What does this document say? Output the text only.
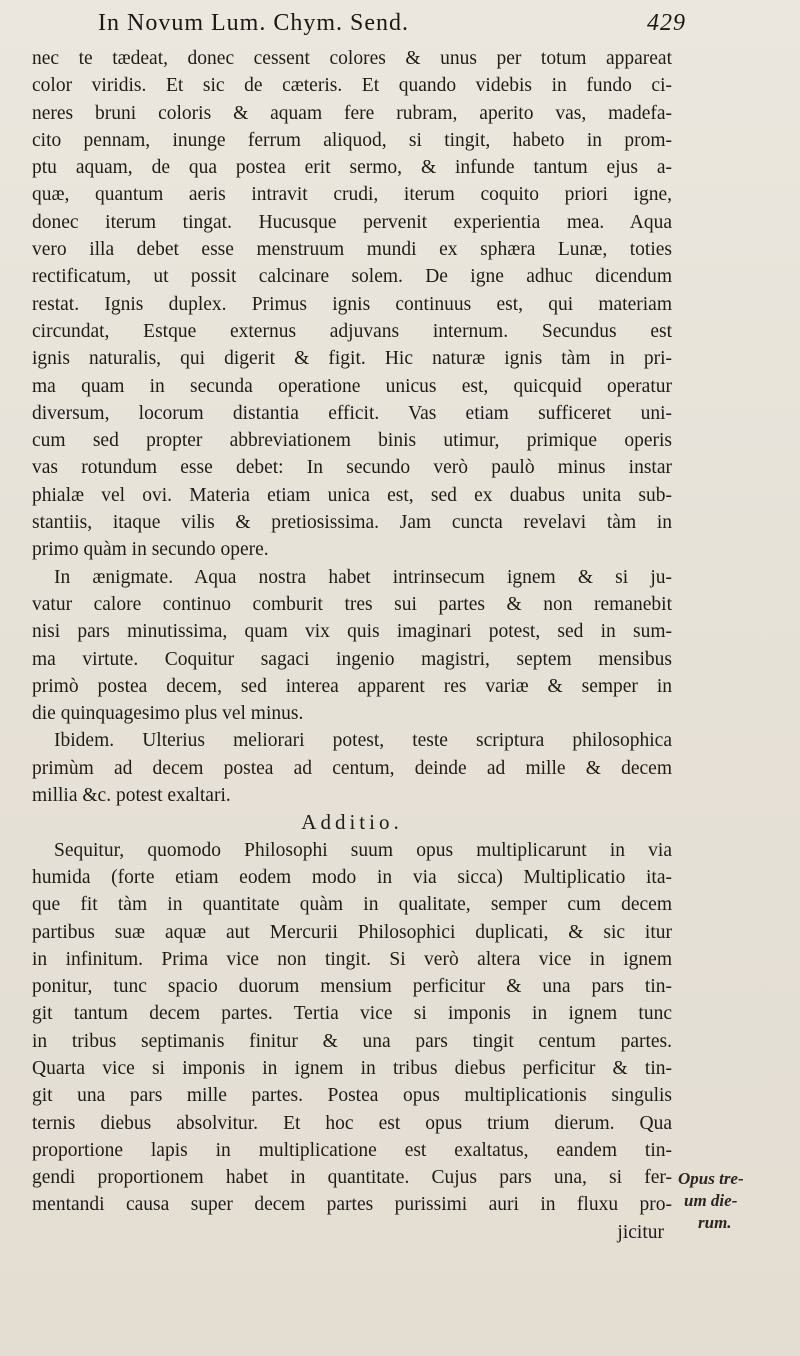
In Novum Lum. Chym. Send.	429
nec te tædeat, donec cessent colores & unus per totum appareat
color viridis. Et sic de cæteris. Et quando videbis in fundo ci-
neres bruni coloris & aquam fere rubram, aperito vas, madefa-
cito pennam, inunge ferrum aliquod, si tingit, habeto in prom-
ptu aquam, de qua postea erit sermo, & infunde tantum ejus a-
quæ, quantum aeris intravit crudi, iterum coquito priori igne,
donec iterum tingat. Hucusque pervenit experientia mea. Aqua
vero illa debet esse menstruum mundi ex sphæra Lunæ, toties
rectificatum, ut possit calcinare solem. De igne adhuc dicendum
restat. Ignis duplex. Primus ignis continuus est, qui materiam
circundat, Estque externus adjuvans internum. Secundus est
ignis naturalis, qui digerit & figit. Hic naturæ ignis tàm in pri-
ma quam in secunda operatione unicus est, quicquid operatur
diversum, locorum distantia efficit. Vas etiam sufficeret uni-
cum sed propter abbreviationem binis utimur, primique operis
vas rotundum esse debet: In secundo verò paulò minus instar
phialæ vel ovi. Materia etiam unica est, sed ex duabus unita sub-
stantiis, itaque vilis & pretiosissima. Jam cuncta revelavi tàm in
primo quàm in secundo opere.
In ænigmate. Aqua nostra habet intrinsecum ignem & si ju-
vatur calore continuo comburit tres sui partes & non remanebit
nisi pars minutissima, quam vix quis imaginari potest, sed in sum-
ma virtute. Coquitur sagaci ingenio magistri, septem mensibus
primò postea decem, sed interea apparent res variæ & semper in
die quinquagesimo plus vel minus.
Ibidem. Ulterius meliorari potest, teste scriptura philosophica
primùm ad decem postea ad centum, deinde ad mille & decem
millia &c. potest exaltari.
Additio.
Sequitur, quomodo Philosophi suum opus multiplicarunt in via
humida (forte etiam eodem modo in via sicca) Multiplicatio ita-
que fit tàm in quantitate quàm in qualitate, semper cum decem
partibus suæ aquæ aut Mercurii Philosophici duplicati, & sic itur
in infinitum. Prima vice non tingit. Si verò altera vice in ignem
ponitur, tunc spacio duorum mensium perficitur & una pars tin-
git tantum decem partes. Tertia vice si imponis in ignem tunc
in tribus septimanis finitur & una pars tingit centum partes.
Quarta vice si imponis in ignem in tribus diebus perficitur & tin-
git una pars mille partes. Postea opus multiplicationis singulis
ternis diebus absolvitur. Et hoc est opus trium dierum. Qua
proportione lapis in multiplicatione est exaltatus, eandem tin-
gendi proportionem habet in quantitate. Cujus pars una, si fer-
mentandi causa super decem partes purissimi auri in fluxu pro-
jicitur
Opus tre-
um die-
rum.
